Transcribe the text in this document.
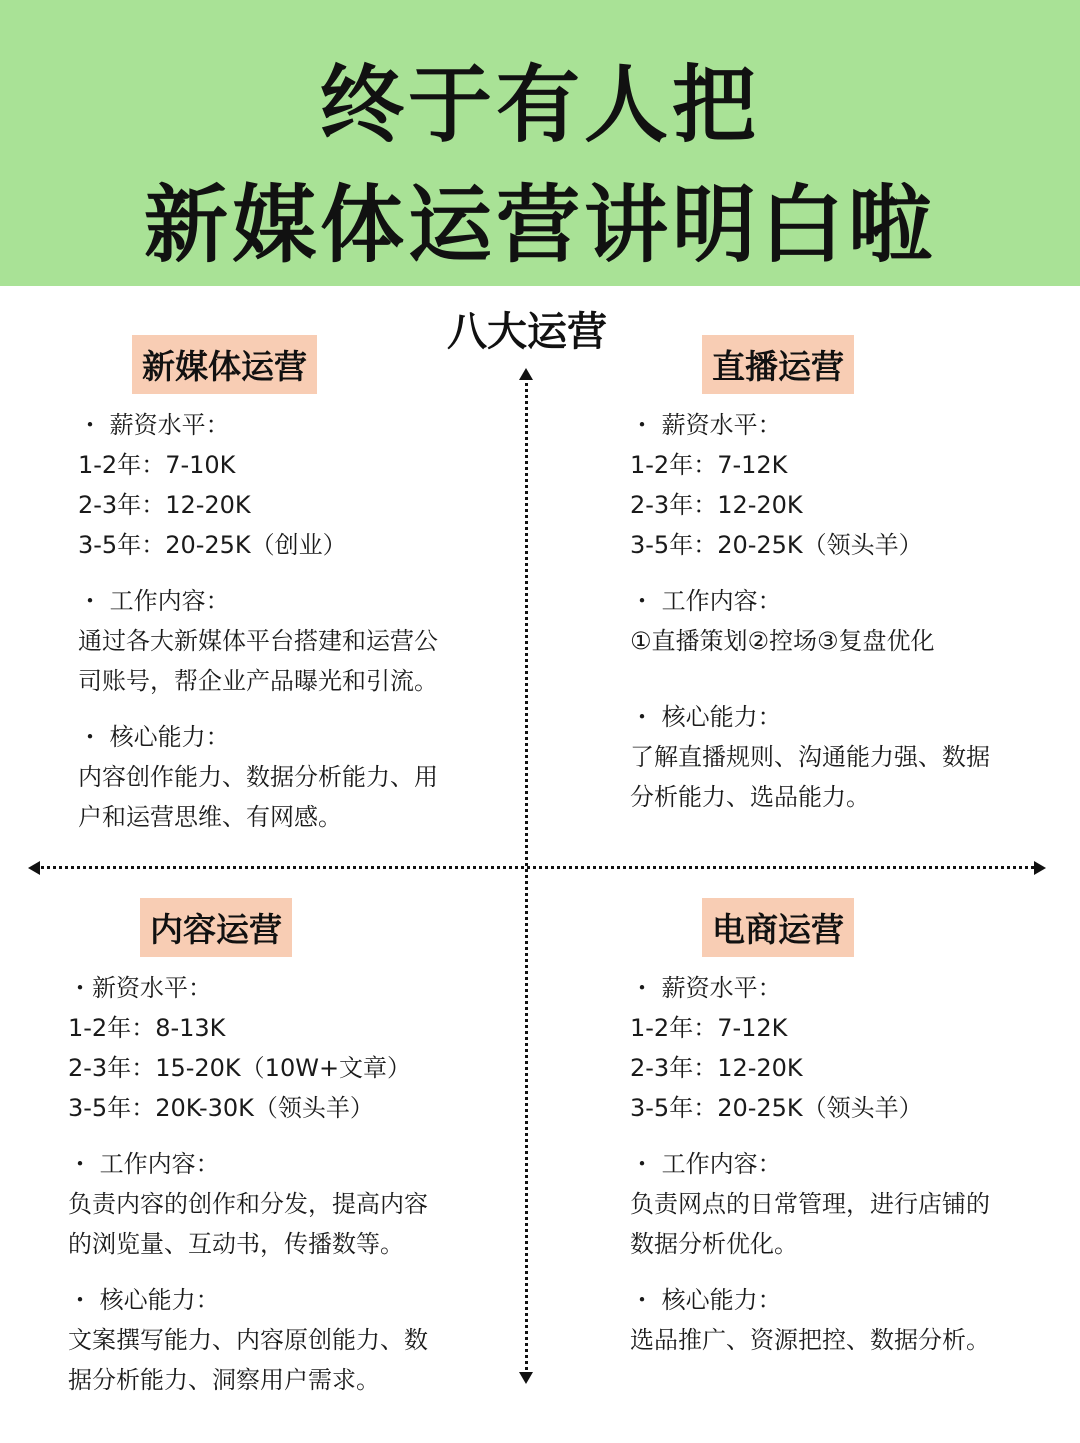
终于有人把
新媒体运营讲明白啦
八大运营
新媒体运营
・ 薪资水平：
1-2年：7-10K
2-3年：12-20K
3-5年：20-25K（创业）
・ 工作内容：
通过各大新媒体平台搭建和运营公
司账号，帮企业产品曝光和引流。
・ 核心能力：
内容创作能力、数据分析能力、用
户和运营思维、有网感。
直播运营
・ 薪资水平：
1-2年：7-12K
2-3年：12-20K
3-5年：20-25K（领头羊）
・ 工作内容：
①直播策划②控场③复盘优化
・ 核心能力：
了解直播规则、沟通能力强、数据
分析能力、选品能力。
内容运营
・新资水平：
1-2年：8-13K
2-3年：15-20K（10W+文章）
3-5年：20K-30K（领头羊）
・ 工作内容：
负责内容的创作和分发，提高内容
的浏览量、互动书，传播数等。
・ 核心能力：
文案撰写能力、内容原创能力、数
据分析能力、洞察用户需求。
电商运营
・ 薪资水平：
1-2年：7-12K
2-3年：12-20K
3-5年：20-25K（领头羊）
・ 工作内容：
负责网点的日常管理，进行店铺的
数据分析优化。
・ 核心能力：
选品推广、资源把控、数据分析。
